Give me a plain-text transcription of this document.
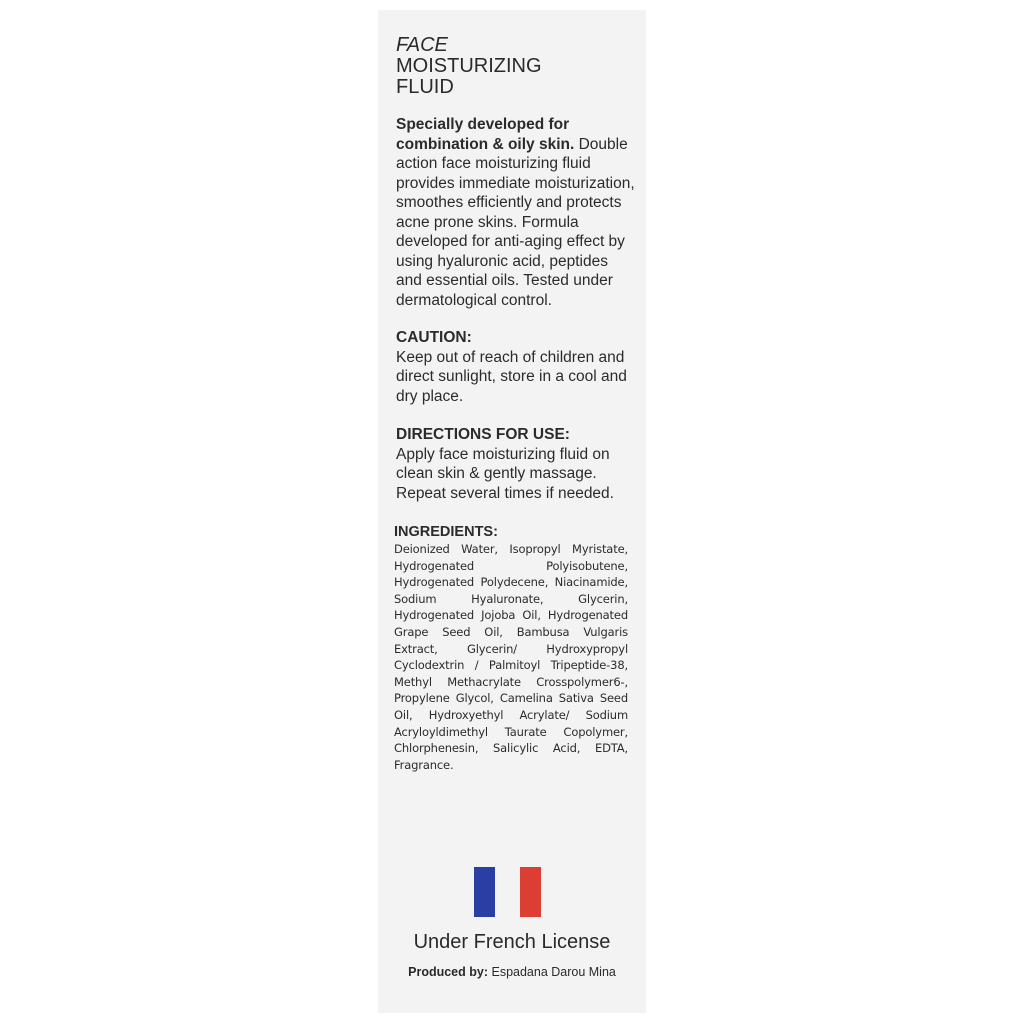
FACE
MOISTURIZING
FLUID
Specially developed for combination & oily skin. Double action face moisturizing fluid provides immediate moisturization, smoothes efficiently and protects acne prone skins. Formula developed for anti-aging effect by using hyaluronic acid, peptides and essential oils. Tested under dermatological control.
CAUTION:
Keep out of reach of children and direct sunlight, store in a cool and dry place.
DIRECTIONS FOR USE:
Apply face moisturizing fluid on clean skin & gently massage. Repeat several times if needed.
INGREDIENTS:
Deionized Water, Isopropyl Myristate, Hydrogenated Polyisobutene, Hydrogenated Polydecene, Niacinamide, Sodium Hyaluronate, Glycerin, Hydrogenated Jojoba Oil, Hydrogenated Grape Seed Oil, Bambusa Vulgaris Extract, Glycerin/ Hydroxypropyl Cyclodextrin / Palmitoyl Tripeptide-38, Methyl Methacrylate Crosspolymer6-, Propylene Glycol, Camelina Sativa Seed Oil, Hydroxyethyl Acrylate/ Sodium Acryloyldimethyl Taurate Copolymer, Chlorphenesin, Salicylic Acid, EDTA, Fragrance.
Under French License
Produced by: Espadana Darou Mina
